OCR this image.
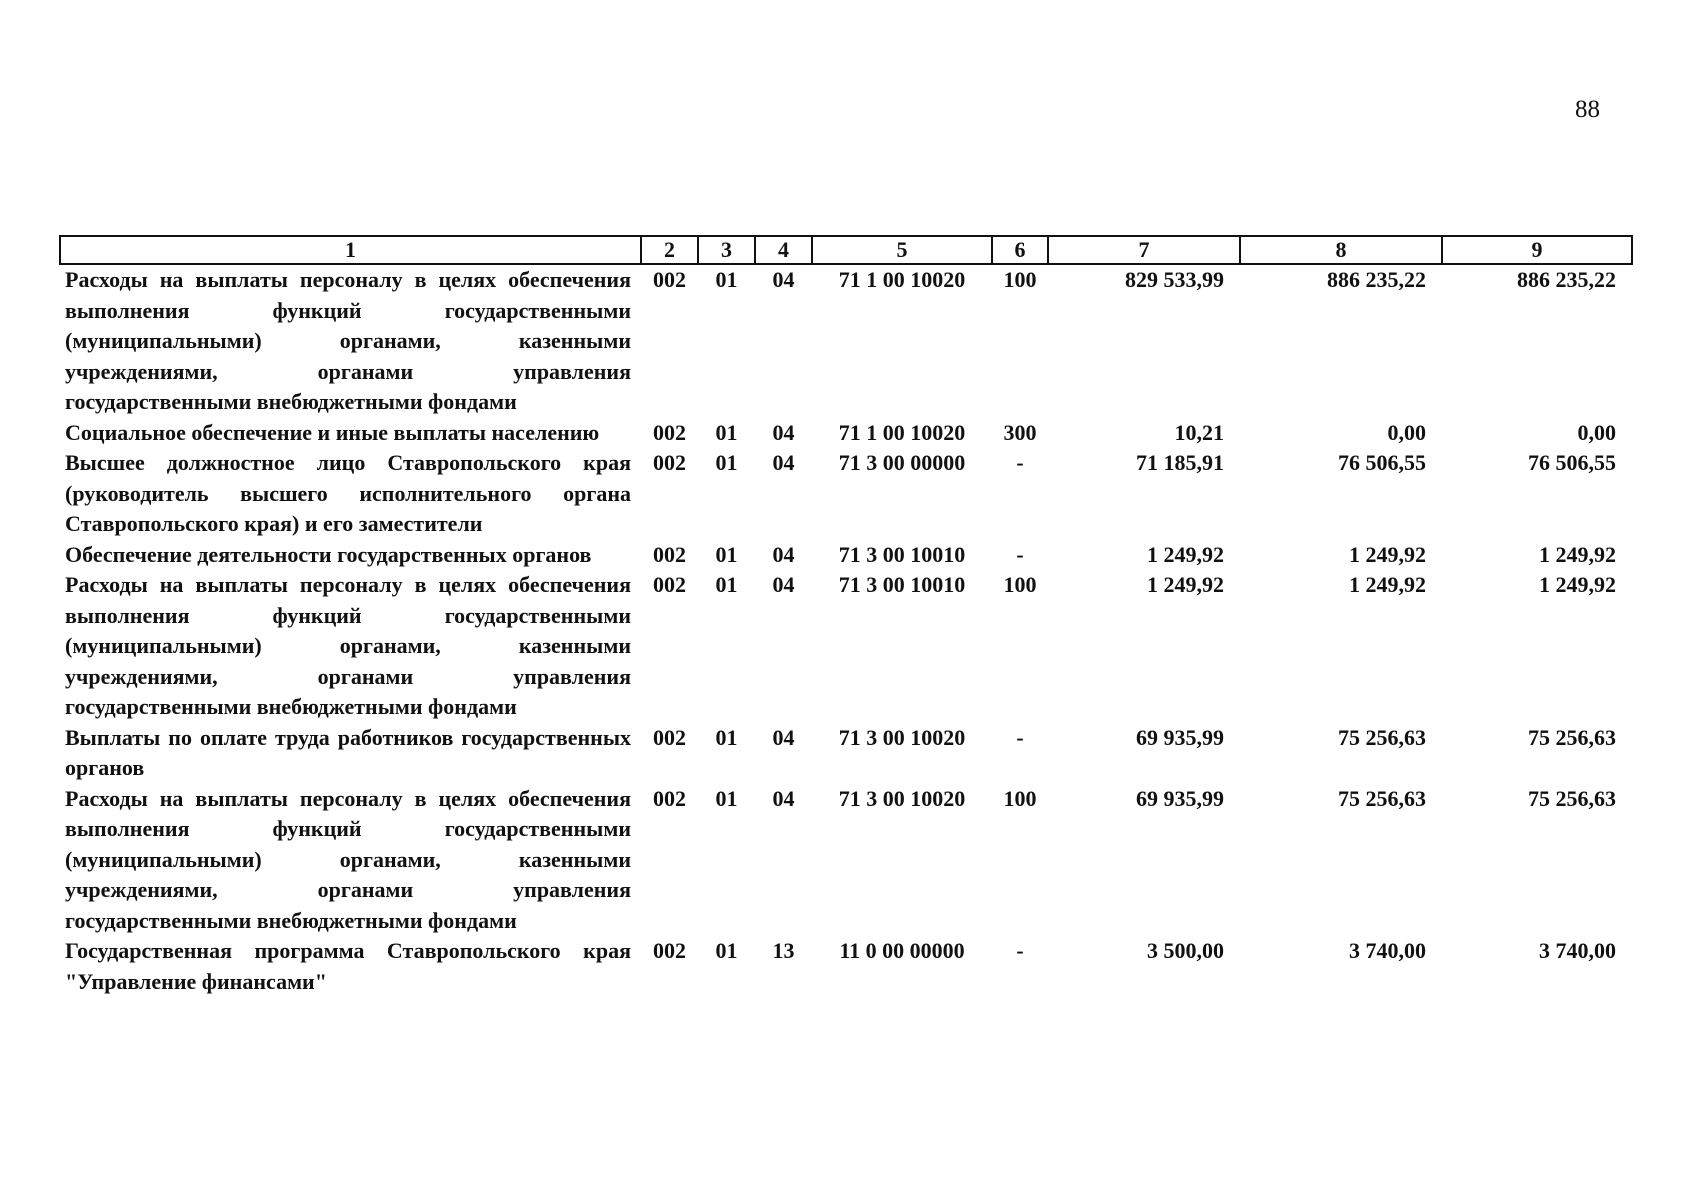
88
1	2	3	4	5	6	7	8	9
Расходы на выплаты персоналу в целях обеспечения выполнения функций государственными (муниципальными) органами, казенными учреждениями, органами управления государственными внебюджетными фондами	002	01	04	71 1 00 10020	100	829 533,99	886 235,22	886 235,22
Социальное обеспечение и иные выплаты населению	002	01	04	71 1 00 10020	300	10,21	0,00	0,00
Высшее должностное лицо Ставропольского края (руководитель высшего исполнительного органа Ставропольского края) и его заместители	002	01	04	71 3 00 00000	-	71 185,91	76 506,55	76 506,55
Обеспечение деятельности государственных органов	002	01	04	71 3 00 10010	-	1 249,92	1 249,92	1 249,92
Расходы на выплаты персоналу в целях обеспечения выполнения функций государственными (муниципальными) органами, казенными учреждениями, органами управления государственными внебюджетными фондами	002	01	04	71 3 00 10010	100	1 249,92	1 249,92	1 249,92
Выплаты по оплате труда работников государственных органов	002	01	04	71 3 00 10020	-	69 935,99	75 256,63	75 256,63
Расходы на выплаты персоналу в целях обеспечения выполнения функций государственными (муниципальными) органами, казенными учреждениями, органами управления государственными внебюджетными фондами	002	01	04	71 3 00 10020	100	69 935,99	75 256,63	75 256,63
Государственная программа Ставропольского края "Управление финансами"	002	01	13	11 0 00 00000	-	3 500,00	3 740,00	3 740,00
